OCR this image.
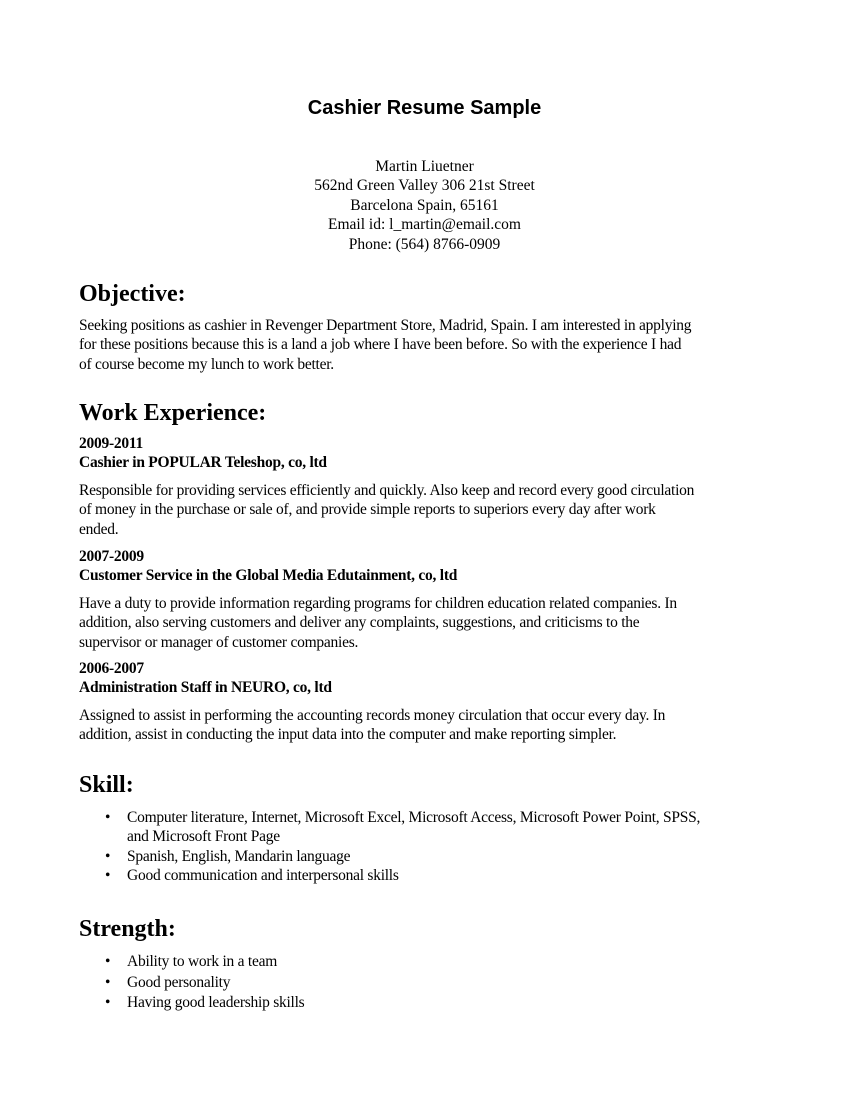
Cashier Resume Sample
Martin Liuetner
562nd Green Valley 306 21st Street
Barcelona Spain, 65161
Email id: l_martin@email.com
Phone: (564) 8766-0909
Objective:
Seeking positions as cashier in Revenger Department Store, Madrid, Spain. I am interested in applying
for these positions because this is a land a job where I have been before. So with the experience I had
of course become my lunch to work better.
Work Experience:
2009-2011
Cashier in POPULAR Teleshop, co, ltd
Responsible for providing services efficiently and quickly. Also keep and record every good circulation
of money in the purchase or sale of, and provide simple reports to superiors every day after work
ended.
2007-2009
Customer Service in the Global Media Edutainment, co, ltd
Have a duty to provide information regarding programs for children education related companies. In
addition, also serving customers and deliver any complaints, suggestions, and criticisms to the
supervisor or manager of customer companies.
2006-2007
Administration Staff in NEURO, co, ltd
Assigned to assist in performing the accounting records money circulation that occur every day. In
addition, assist in conducting the input data into the computer and make reporting simpler.
Skill:
• Computer literature, Internet, Microsoft Excel, Microsoft Access, Microsoft Power Point, SPSS,
and Microsoft Front Page
• Spanish, English, Mandarin language
• Good communication and interpersonal skills
Strength:
• Ability to work in a team
• Good personality
• Having good leadership skills
